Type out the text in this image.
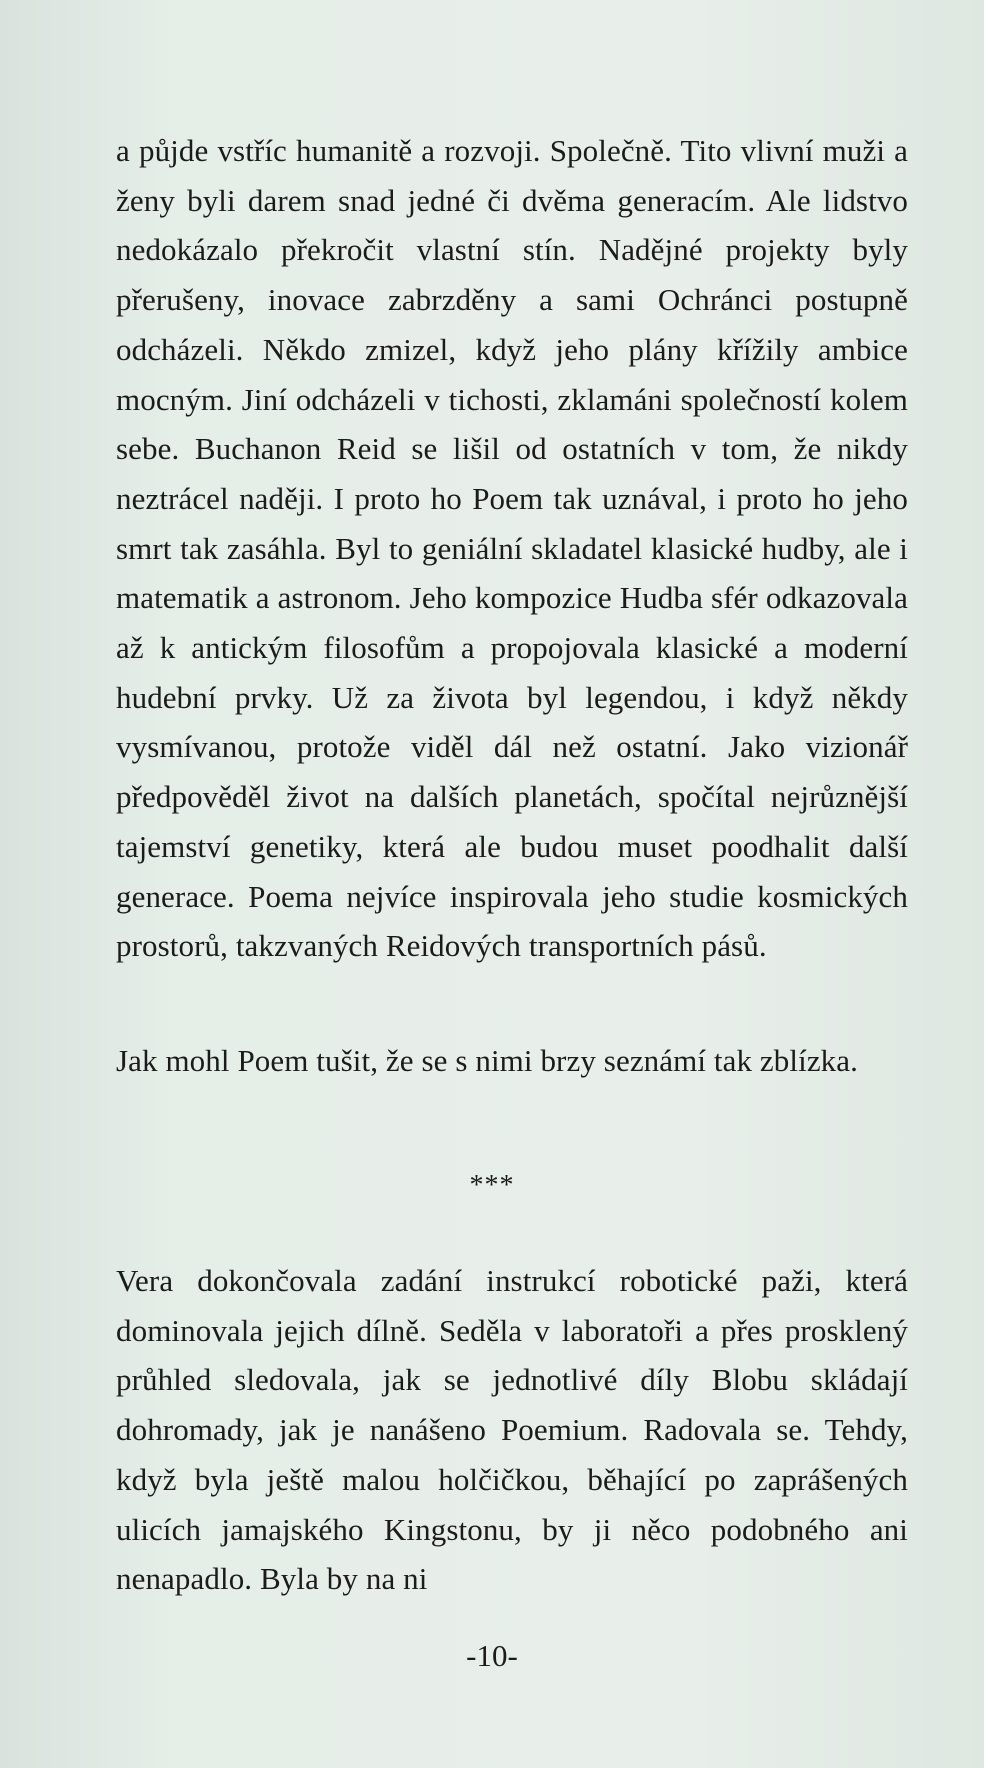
a půjde vstříc humanitě a rozvoji. Společně. Tito vlivní muži a ženy byli darem snad jedné či dvěma generacím. Ale lidstvo nedokázalo překročit vlastní stín. Nadějné projekty byly přerušeny, inovace zabrzděny a sami Ochránci postupně odcházeli. Někdo zmizel, když jeho plány křížily ambice mocným. Jiní odcházeli v tichosti, zklamáni společností kolem sebe. Buchanon Reid se lišil od ostatních v tom, že nikdy neztrácel naději. I proto ho Poem tak uznával, i proto ho jeho smrt tak zasáhla. Byl to geniální skladatel klasické hudby, ale i matematik a astronom. Jeho kompozice Hudba sfér odkazovala až k antickým filosofům a propojovala klasické a moderní hudební prvky. Už za života byl legendou, i když někdy vysmívanou, protože viděl dál než ostatní. Jako vizionář předpověděl život na dalších planetách, spočítal nejrůznější tajemství genetiky, která ale budou muset poodhalit další generace. Poema nejvíce inspirovala jeho studie kosmických prostorů, takzvaných Reidových transportních pásů.

Jak mohl Poem tušit, že se s nimi brzy seznámí tak zblízka.

***

Vera dokončovala zadání instrukcí robotické paži, která dominovala jejich dílně. Seděla v laboratoři a přes prosklený průhled sledovala, jak se jednotlivé díly Blobu skládají dohromady, jak je nanášeno Poemium. Radovala se. Tehdy, když byla ještě malou holčičkou, běhající po zaprášených ulicích jamajského Kingstonu, by ji něco podobného ani nenapadlo. Byla by na ni

-10-
